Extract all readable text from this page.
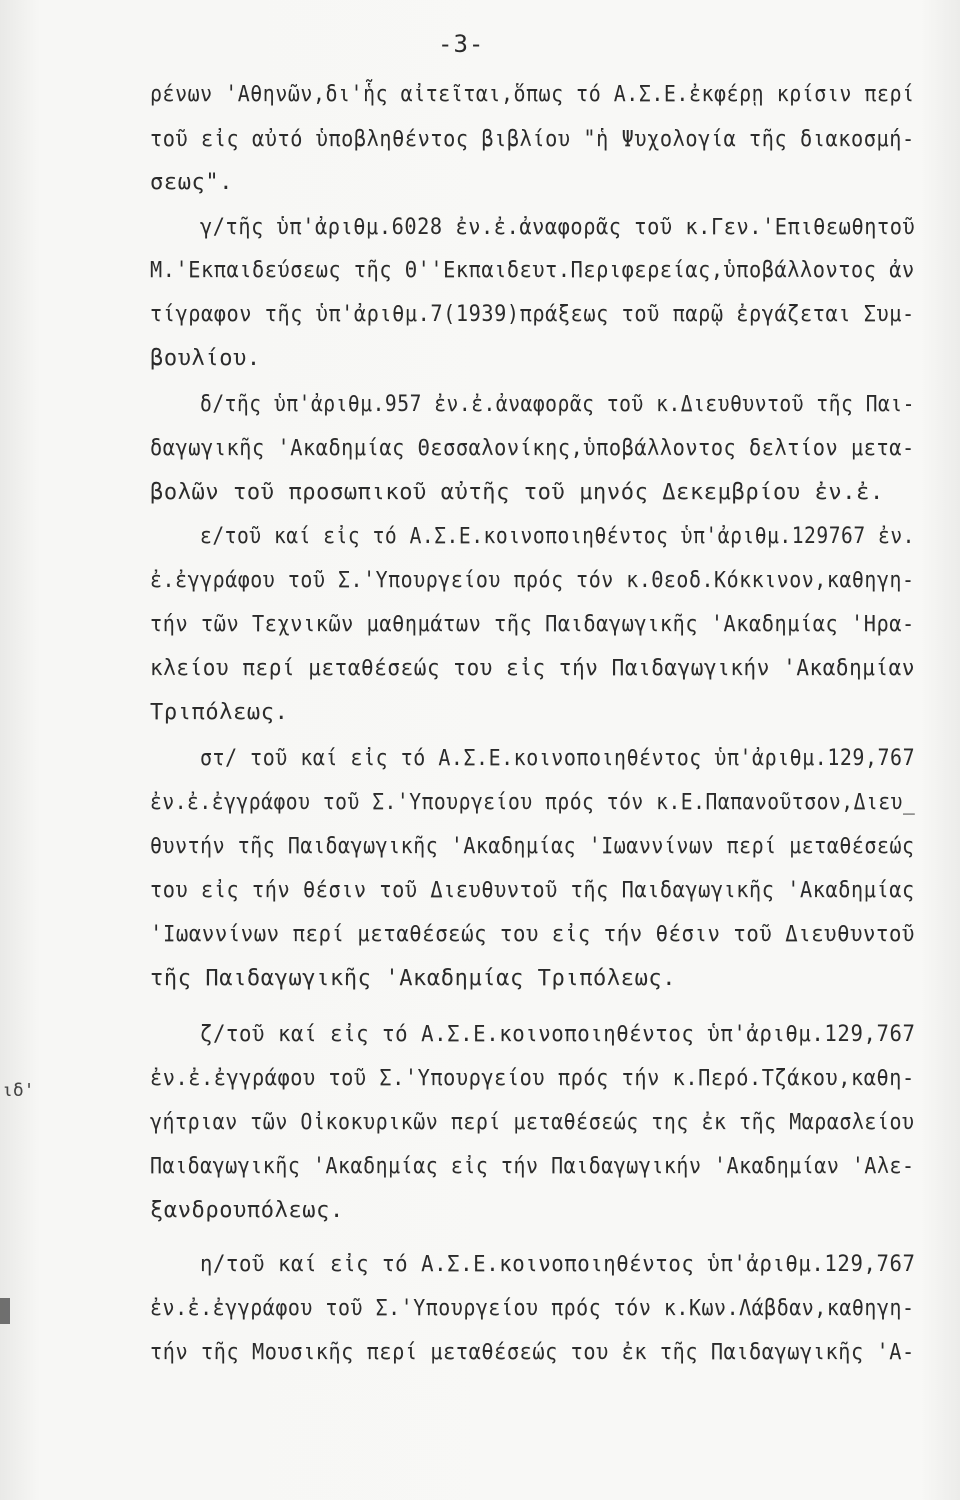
-3-
ρένων 'Αθηνῶν,δι'ἧς αἰτεῖται,ὅπως τό Α.Σ.Ε.ἐκφέρῃ κρίσιν περί
τοῦ εἰς αὐτό ὑποβληθέντος βιβλίου "ἡ Ψυχολογία τῆς διακοσμή-
σεως".
γ/τῆς ὑπ'ἀριθμ.6028 ἐν.ἐ.ἀναφορᾶς τοῦ κ.Γεν.'Επιθεωθητοῦ
Μ.'Εκπαιδεύσεως τῆς Θ''Εκπαιδευτ.Περιφερείας,ὑποβάλλοντος ἀν
τίγραφον τῆς ὑπ'ἀριθμ.7(1939)πράξεως τοῦ παρῷ ἐργάζεται Συμ-
βουλίου.
δ/τῆς ὑπ'ἀριθμ.957 ἐν.ἐ.ἀναφορᾶς τοῦ κ.Διευθυντοῦ τῆς Παι-
δαγωγικῆς 'Ακαδημίας Θεσσαλονίκης,ὑποβάλλοντος δελτίον μετα-
βολῶν τοῦ προσωπικοῦ αὐτῆς τοῦ μηνός Δεκεμβρίου ἐν.ἐ.
ε/τοῦ καί εἰς τό Α.Σ.Ε.κοινοποιηθέντος ὑπ'ἀριθμ.129767 ἐν.
ἐ.ἐγγράφου τοῦ Σ.'Υπουργείου πρός τόν κ.Θεοδ.Κόκκινον,καθηγη-
τήν τῶν Τεχνικῶν μαθημάτων τῆς Παιδαγωγικῆς 'Ακαδημίας 'Ηρα-
κλείου περί μεταθέσεώς του εἰς τήν Παιδαγωγικήν 'Ακαδημίαν
Τριπόλεως.
στ/ τοῦ καί εἰς τό Α.Σ.Ε.κοινοποιηθέντος ὑπ'ἀριθμ.129,767
ἐν.ἐ.ἐγγράφου τοῦ Σ.'Υπουργείου πρός τόν κ.Ε.Παπανοῦτσον,Διευ_
θυντήν τῆς Παιδαγωγικῆς 'Ακαδημίας 'Ιωαννίνων περί μεταθέσεώς
του εἰς τήν θέσιν τοῦ Διευθυντοῦ τῆς Παιδαγωγικῆς 'Ακαδημίας
'Ιωαννίνων περί μεταθέσεώς του εἰς τήν θέσιν τοῦ Διευθυντοῦ
τῆς Παιδαγωγικῆς 'Ακαδημίας Τριπόλεως.
ζ/τοῦ καί εἰς τό Α.Σ.Ε.κοινοποιηθέντος ὑπ'ἀριθμ.129,767
ἐν.ἐ.ἐγγράφου τοῦ Σ.'Υπουργείου πρός τήν κ.Περό.Τζάκου,καθη-
γήτριαν τῶν Οἰκοκυρικῶν περί μεταθέσεώς της ἐκ τῆς Μαρασλείου
Παιδαγωγικῆς 'Ακαδημίας εἰς τήν Παιδαγωγικήν 'Ακαδημίαν 'Αλε-
ξανδρουπόλεως.
η/τοῦ καί εἰς τό Α.Σ.Ε.κοινοποιηθέντος ὑπ'ἀριθμ.129,767
ἐν.ἐ.ἐγγράφου τοῦ Σ.'Υπουργείου πρός τόν κ.Κων.Λάβδαν,καθηγη-
τήν τῆς Μουσικῆς περί μεταθέσεώς του ἐκ τῆς Παιδαγωγικῆς 'Α-
ιδ'
